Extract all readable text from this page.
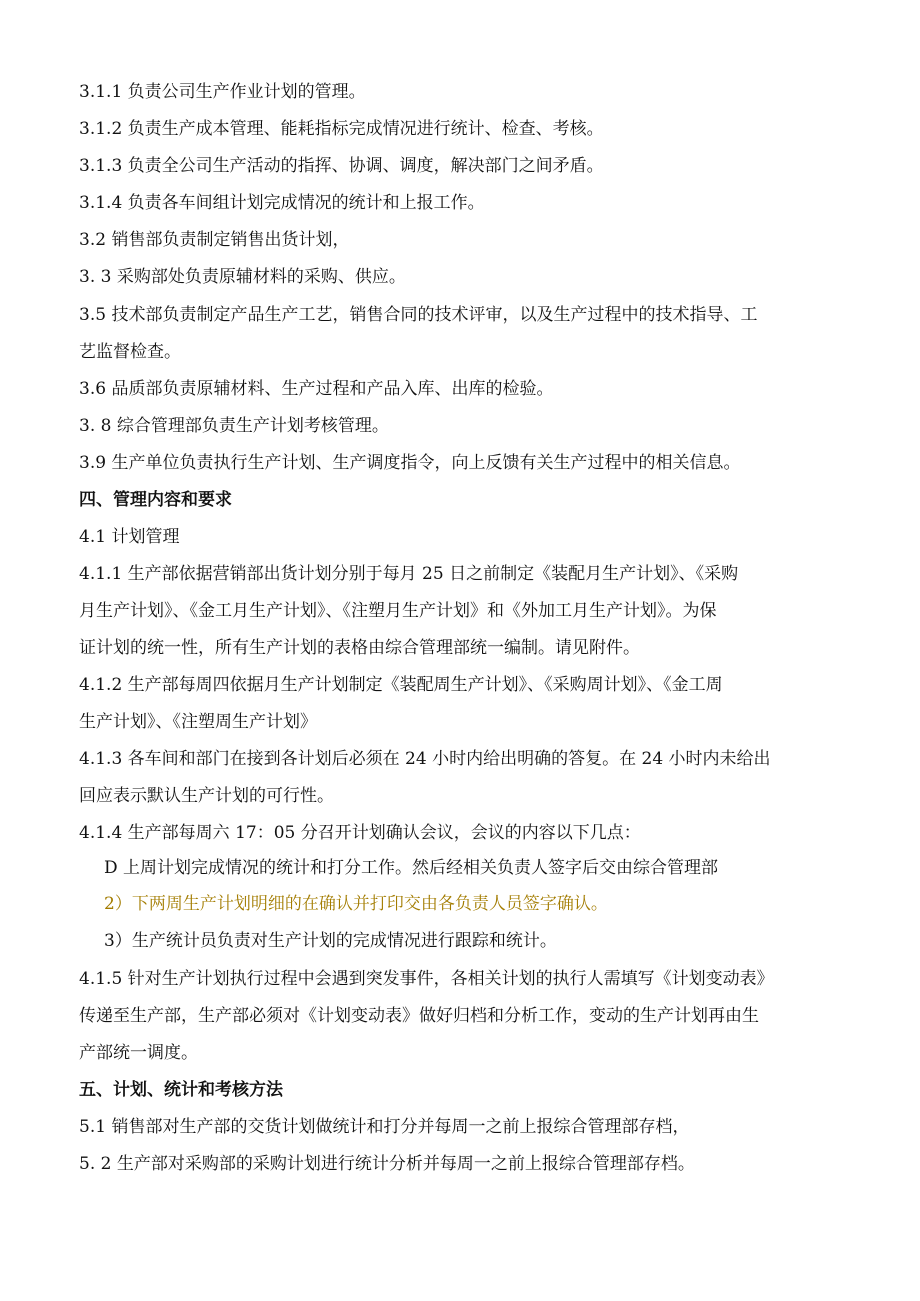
3.1.1 负责公司生产作业计划的管理。
3.1.2 负责生产成本管理、能耗指标完成情况进行统计、检查、考核。
3.1.3 负责全公司生产活动的指挥、协调、调度，解决部门之间矛盾。
3.1.4 负责各车间组计划完成情况的统计和上报工作。
3.2 销售部负责制定销售出货计划，
3. 3 采购部处负责原辅材料的采购、供应。
3.5 技术部负责制定产品生产工艺，销售合同的技术评审，以及生产过程中的技术指导、工
艺监督检查。
3.6 品质部负责原辅材料、生产过程和产品入库、出库的检验。
3. 8 综合管理部负责生产计划考核管理。
3.9 生产单位负责执行生产计划、生产调度指令，向上反馈有关生产过程中的相关信息。
四、管理内容和要求
4.1 计划管理
4.1.1 生产部依据营销部出货计划分别于每月 25 日之前制定《装配月生产计划》、《采购
月生产计划》、《金工月生产计划》、《注塑月生产计划》和《外加工月生产计划》。为保
证计划的统一性，所有生产计划的表格由综合管理部统一编制。请见附件。
4.1.2 生产部每周四依据月生产计划制定《装配周生产计划》、《采购周计划》、《金工周
生产计划》、《注塑周生产计划》
4.1.3 各车间和部门在接到各计划后必须在 24 小时内给出明确的答复。在 24 小时内未给出
回应表示默认生产计划的可行性。
4.1.4 生产部每周六 17：05 分召开计划确认会议，会议的内容以下几点：
D 上周计划完成情况的统计和打分工作。然后经相关负责人签字后交由综合管理部
2）下两周生产计划明细的在确认并打印交由各负责人员签字确认。
3）生产统计员负责对生产计划的完成情况进行跟踪和统计。
4.1.5 针对生产计划执行过程中会遇到突发事件，各相关计划的执行人需填写《计划变动表》
传递至生产部，生产部必须对《计划变动表》做好归档和分析工作，变动的生产计划再由生
产部统一调度。
五、计划、统计和考核方法
5.1 销售部对生产部的交货计划做统计和打分并每周一之前上报综合管理部存档，
5. 2 生产部对采购部的采购计划进行统计分析并每周一之前上报综合管理部存档。
